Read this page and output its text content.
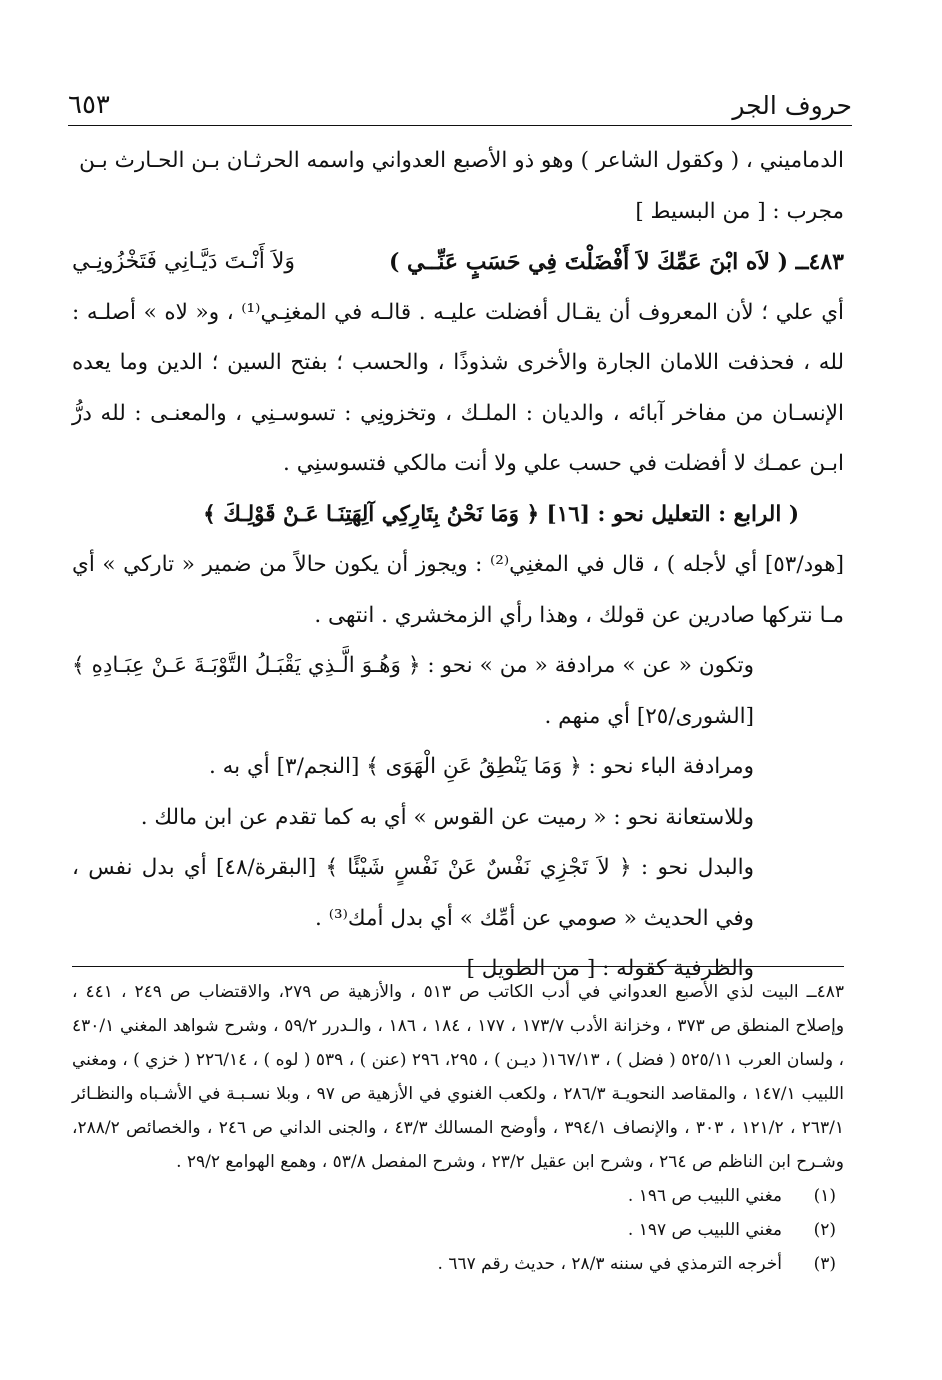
٦٥٣	حروف الجر

الدماميني ، ( وكقول الشاعر ) وهو ذو الأصبع العدواني واسمه الحرثـان بـن الحـارث بـن

مجرب : [ من البسيط ]

٤٨٣ــ ( لاَه ابْنَ عَمِّكَ لاَ أَفْضَلْتَ فِي حَسَبٍ عَنِّــي )
وَلاَ أَنْـتَ دَيَّـانِي فَتَخْزُونِـي

أي علي ؛ لأن المعروف أن يقـال أفضلت عليـه . قالـه في المغنِـي⁽¹⁾ ، و« لاه » أصلـه : لله ، فحذفت اللامان الجارة والأخرى شذوذًا ، والحسب ؛ بفتح السين ؛ الدين وما يعده الإنسـان من مفاخر آبائه ، والديان : الملـك ، وتخزونِي : تسوسـنِي ، والمعنـى : لله درُّ ابـن عمـك لا أفضلت في حسب علي ولا أنت مالكي فتسوسنِي .

( الرابع : التعليل نحو : [١٦] ﴿ وَمَا نَحْنُ بِتَارِكِي آلِهَتِنَـا عَـنْ قَوْلِـكَ ﴾

[هود/٥٣] أي لأجله ) ، قال في المغنِي⁽²⁾ : ويجوز أن يكون حالاً من ضمير « تاركي » أي مـا نتركها صادرين عن قولك ، وهذا رأي الزمخشري . انتهى .

وتكون « عن » مرادفة « من » نحو : ﴿ وَهُـوَ الَّـذِي يَقْبَـلُ التَّوْبَـةَ عَـنْ عِبَـادِهِ ﴾ [الشورى/٢٥] أي منهم .

ومرادفة الباء نحو : ﴿ وَمَا يَنْطِقُ عَنِ الْهَوَى ﴾ [النجم/٣] أي به .

وللاستعانة نحو : « رميت عن القوس » أي به كما تقدم عن ابن مالك .

والبدل نحو : ﴿ لاَ تَجْزِي نَفْسٌ عَنْ نَفْسٍ شَيْئًا ﴾ [البقرة/٤٨] أي بدل نفس ، وفي الحديث « صومي عن أمِّك » أي بدل أمك⁽³⁾ .

والظرفية كقوله : [ من الطويل ]

٤٨٣ــ البيت لذي الأصبع العدواني في أدب الكاتب ص ٥١٣ ، والأزهية ص ٢٧٩، والاقتضاب ص ٢٤٩ ، ٤٤١ ، وإصلاح المنطق ص ٣٧٣ ، وخزانة الأدب ١٧٣/٧ ، ١٧٧ ، ١٨٤ ، ١٨٦ ، والـدرر ٥٩/٢ ، وشرح شواهد المغني ٤٣٠/١ ، ولسان العرب ٥٢٥/١١ ( فضل ) ، ١٦٧/١٣( ديـن ) ، ٢٩٥، ٢٩٦ (عنن ) ، ٥٣٩ ( لوه ) ، ٢٢٦/١٤ ( خزي ) ، ومغني اللبيب ١٤٧/١ ، والمقاصد النحويـة ٢٨٦/٣ ، ولكعب الغنوي في الأزهية ص ٩٧ ، وبلا نسـبـة في الأشـباه والنظـائر ٢٦٣/١ ، ١٢١/٢ ، ٣٠٣ ، والإنصاف ٣٩٤/١ ، وأوضح المسالك ٤٣/٣ ، والجنى الداني ص ٢٤٦ ، والخصائص ٢٨٨/٢، وشـرح ابن الناظم ص ٢٦٤ ، وشرح ابن عقيل ٢٣/٢ ، وشرح المفصل ٥٣/٨ ، وهمع الهوامع ٢٩/٢ .

(١)
مغني اللبيب ص ١٩٦ .
(٢)
مغني اللبيب ص ١٩٧ .
(٣)
أخرجه الترمذي في سننه ٢٨/٣ ، حديث رقم ٦٦٧ .
